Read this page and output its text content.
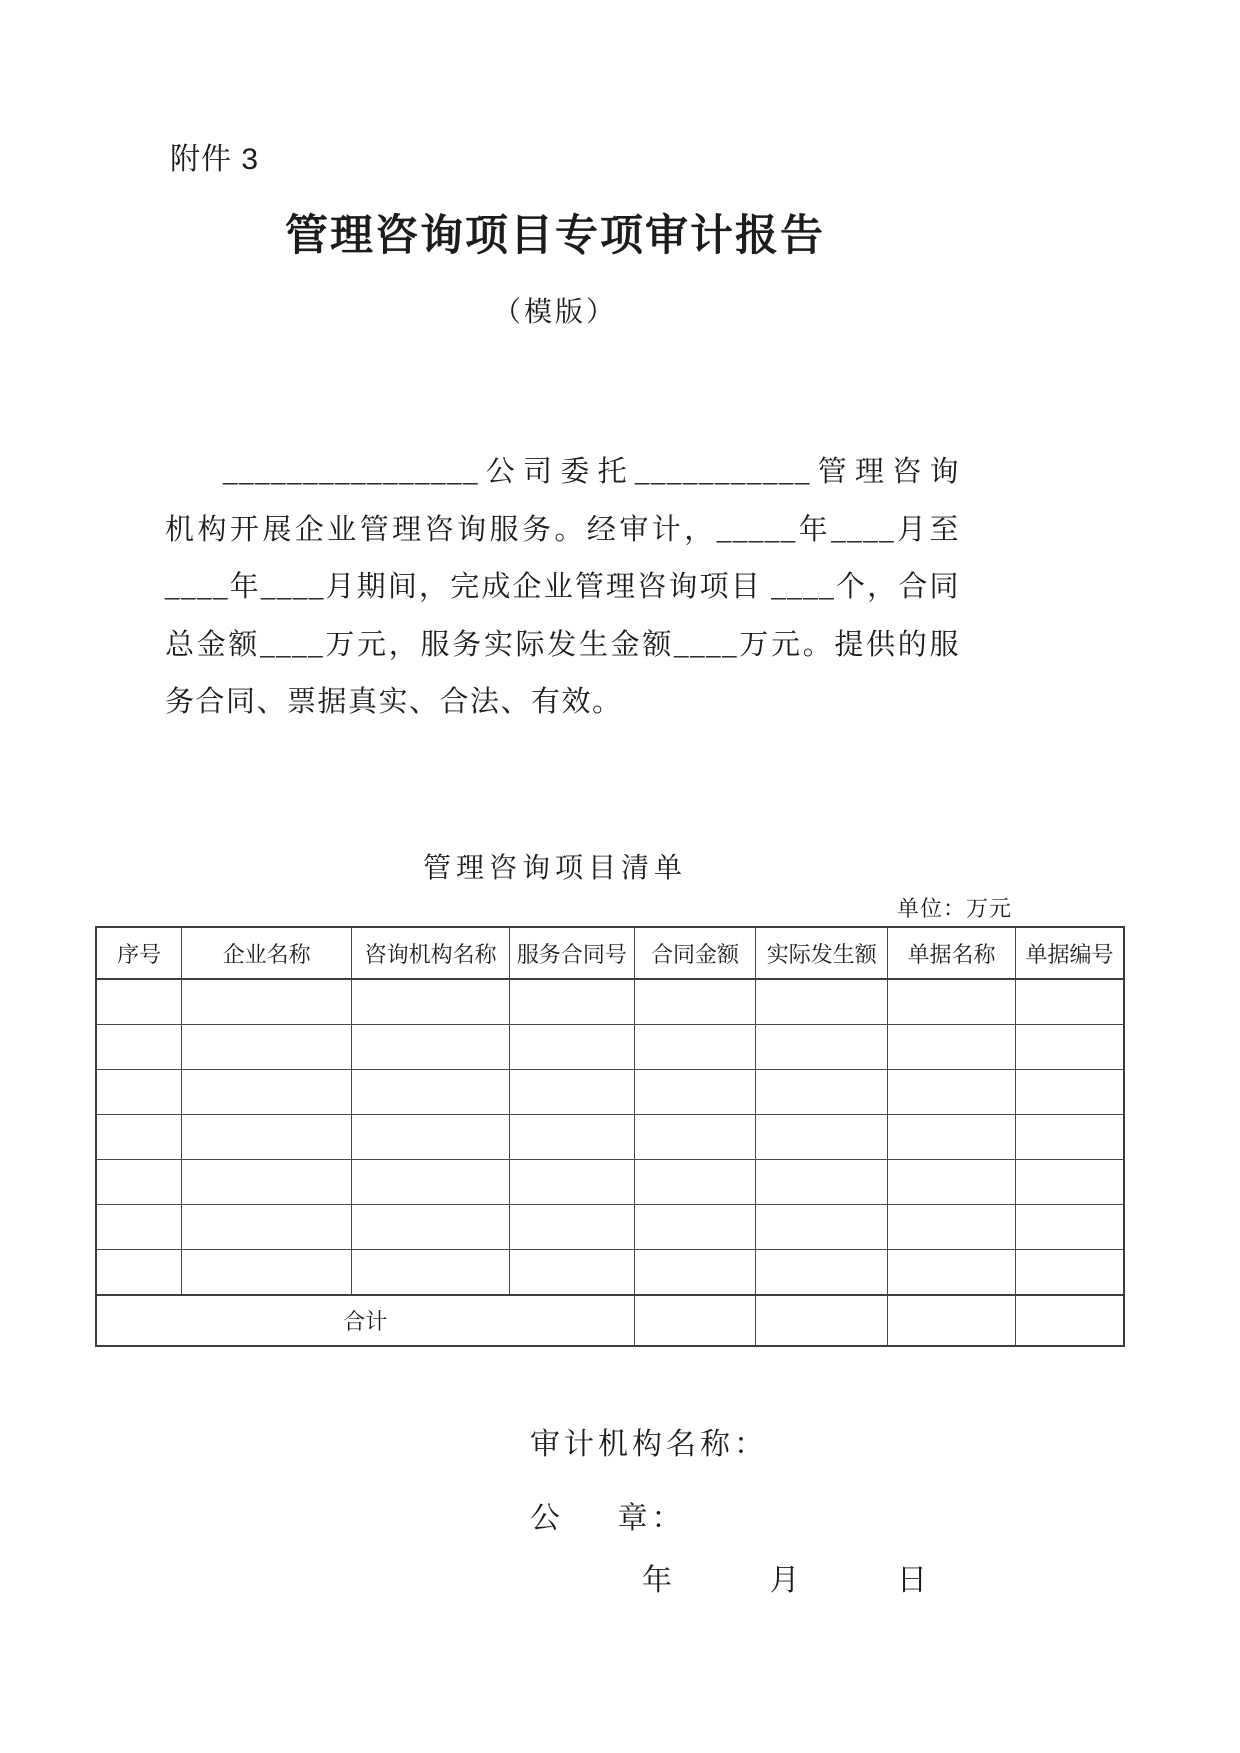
附件 3
管理咨询项目专项审计报告
（模版）
________________公司委托___________管理咨询
机构开展企业管理咨询服务。经审计，_____年____月至
____年____月期间，完成企业管理咨询项目 ____个，合同
总金额____万元，服务实际发生金额____万元。提供的服
务合同、票据真实、合法、有效。
管理咨询项目清单
单位：万元
序号	企业名称	咨询机构名称	服务合同号	合同金额	实际发生额	单据名称	单据编号

合计							
审计机构名称：
公 章：
年 月 日
